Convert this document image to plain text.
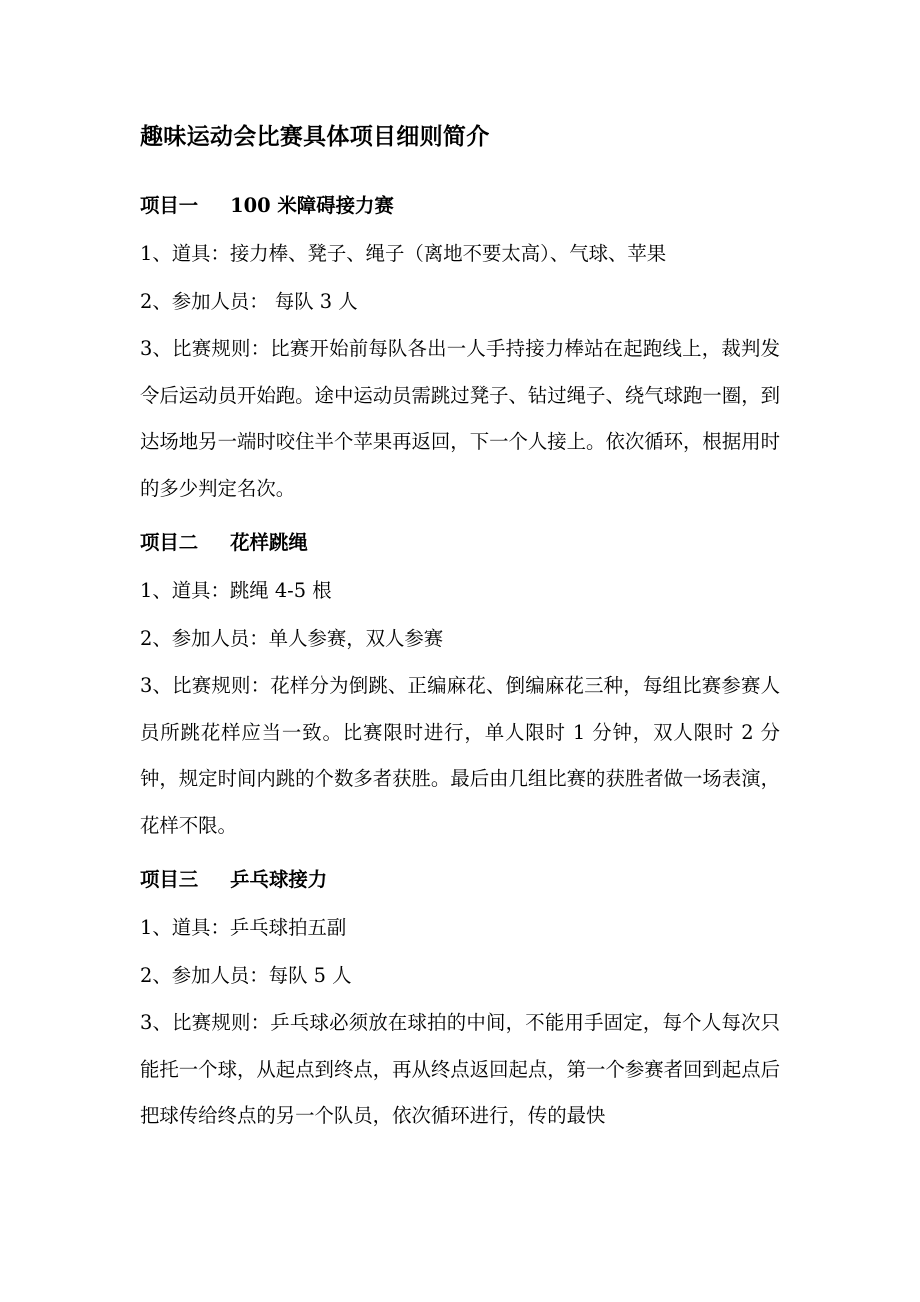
趣味运动会比赛具体项目细则简介
项目一 100 米障碍接力赛
1、道具：接力棒、凳子、绳子（离地不要太高）、气球、苹果
2、参加人员： 每队 3 人
3、比赛规则：比赛开始前每队各出一人手持接力棒站在起跑线上，裁判发令后运动员开始跑。途中运动员需跳过凳子、钻过绳子、绕气球跑一圈，到达场地另一端时咬住半个苹果再返回，下一个人接上。依次循环，根据用时的多少判定名次。
项目二 花样跳绳
1、道具：跳绳 4-5 根
2、参加人员：单人参赛，双人参赛
3、比赛规则：花样分为倒跳、正编麻花、倒编麻花三种，每组比赛参赛人员所跳花样应当一致。比赛限时进行，单人限时 1 分钟，双人限时 2 分钟，规定时间内跳的个数多者获胜。最后由几组比赛的获胜者做一场表演，花样不限。
项目三 乒乓球接力
1、道具：乒乓球拍五副
2、参加人员：每队 5 人
3、比赛规则：乒乓球必须放在球拍的中间，不能用手固定，每个人每次只能托一个球，从起点到终点，再从终点返回起点，第一个参赛者回到起点后把球传给终点的另一个队员，依次循环进行，传的最快
